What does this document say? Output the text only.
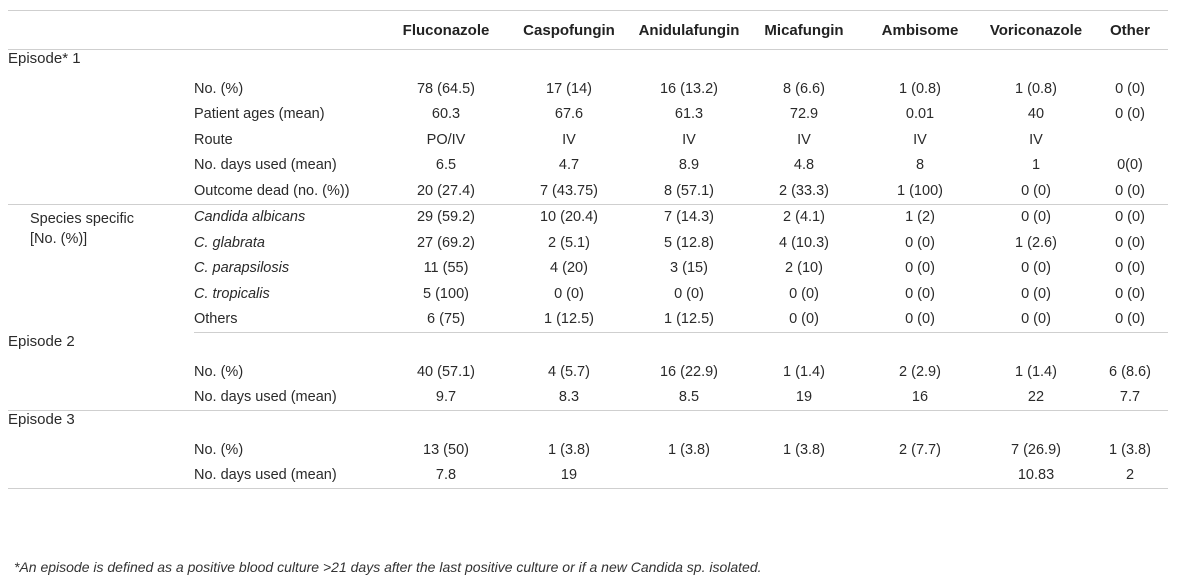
		Fluconazole	Caspofungin	Anidulafungin	Micafungin	Ambisome	Voriconazole	Other
Episode* 1								
	No. (%)	78 (64.5)	17 (14)	16 (13.2)	8 (6.6)	1 (0.8)	1 (0.8)	0 (0)
	Patient ages (mean)	60.3	67.6	61.3	72.9	0.01	40	0 (0)
	Route	PO/IV	IV	IV	IV	IV	IV	
	No. days used (mean)	6.5	4.7	8.9	4.8	8	1	0(0)
	Outcome dead (no. (%))	20 (27.4)	7 (43.75)	8 (57.1)	2 (33.3)	1 (100)	0 (0)	0 (0)

Species specific
[No. (%)]	Candida albicans	29 (59.2)	10 (20.4)	7 (14.3)	2 (4.1)	1 (2)	0 (0)	0 (0)
	C. glabrata	27 (69.2)	2 (5.1)	5 (12.8)	4 (10.3)	0 (0)	1 (2.6)	0 (0)
	C. parapsilosis	11 (55)	4 (20)	3 (15)	2 (10)	0 (0)	0 (0)	0 (0)
	C. tropicalis	5 (100)	0 (0)	0 (0)	0 (0)	0 (0)	0 (0)	0 (0)
	Others	6 (75)	1 (12.5)	1 (12.5)	0 (0)	0 (0)	0 (0)	0 (0)
Episode 2								
	No. (%)	40 (57.1)	4 (5.7)	16 (22.9)	1 (1.4)	2 (2.9)	1 (1.4)	6 (8.6)
	No. days used (mean)	9.7	8.3	8.5	19	16	22	7.7
Episode 3								
	No. (%)	13 (50)	1 (3.8)	1 (3.8)	1 (3.8)	2 (7.7)	7 (26.9)	1 (3.8)
	No. days used (mean)	7.8	19				10.83	2
*An episode is defined as a positive blood culture >21 days after the last positive culture or if a new Candida sp. isolated.
